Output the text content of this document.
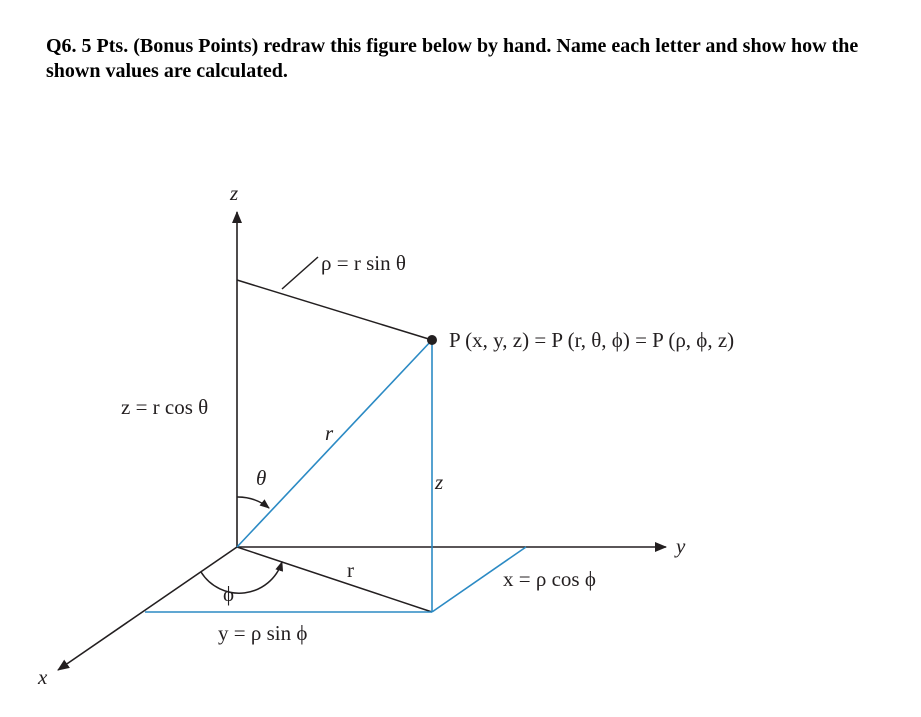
Q6. 5 Pts. (Bonus Points) redraw this figure below by hand. Name each letter and show how the shown values are calculated.

z
y
x
ρ = r sin θ
P (x, y, z) = P (r, θ, ϕ) = P (ρ, ϕ, z)
z = r cos θ
r
θ	z
r
ϕ
x = ρ cos ϕ
y = ρ sin ϕ
